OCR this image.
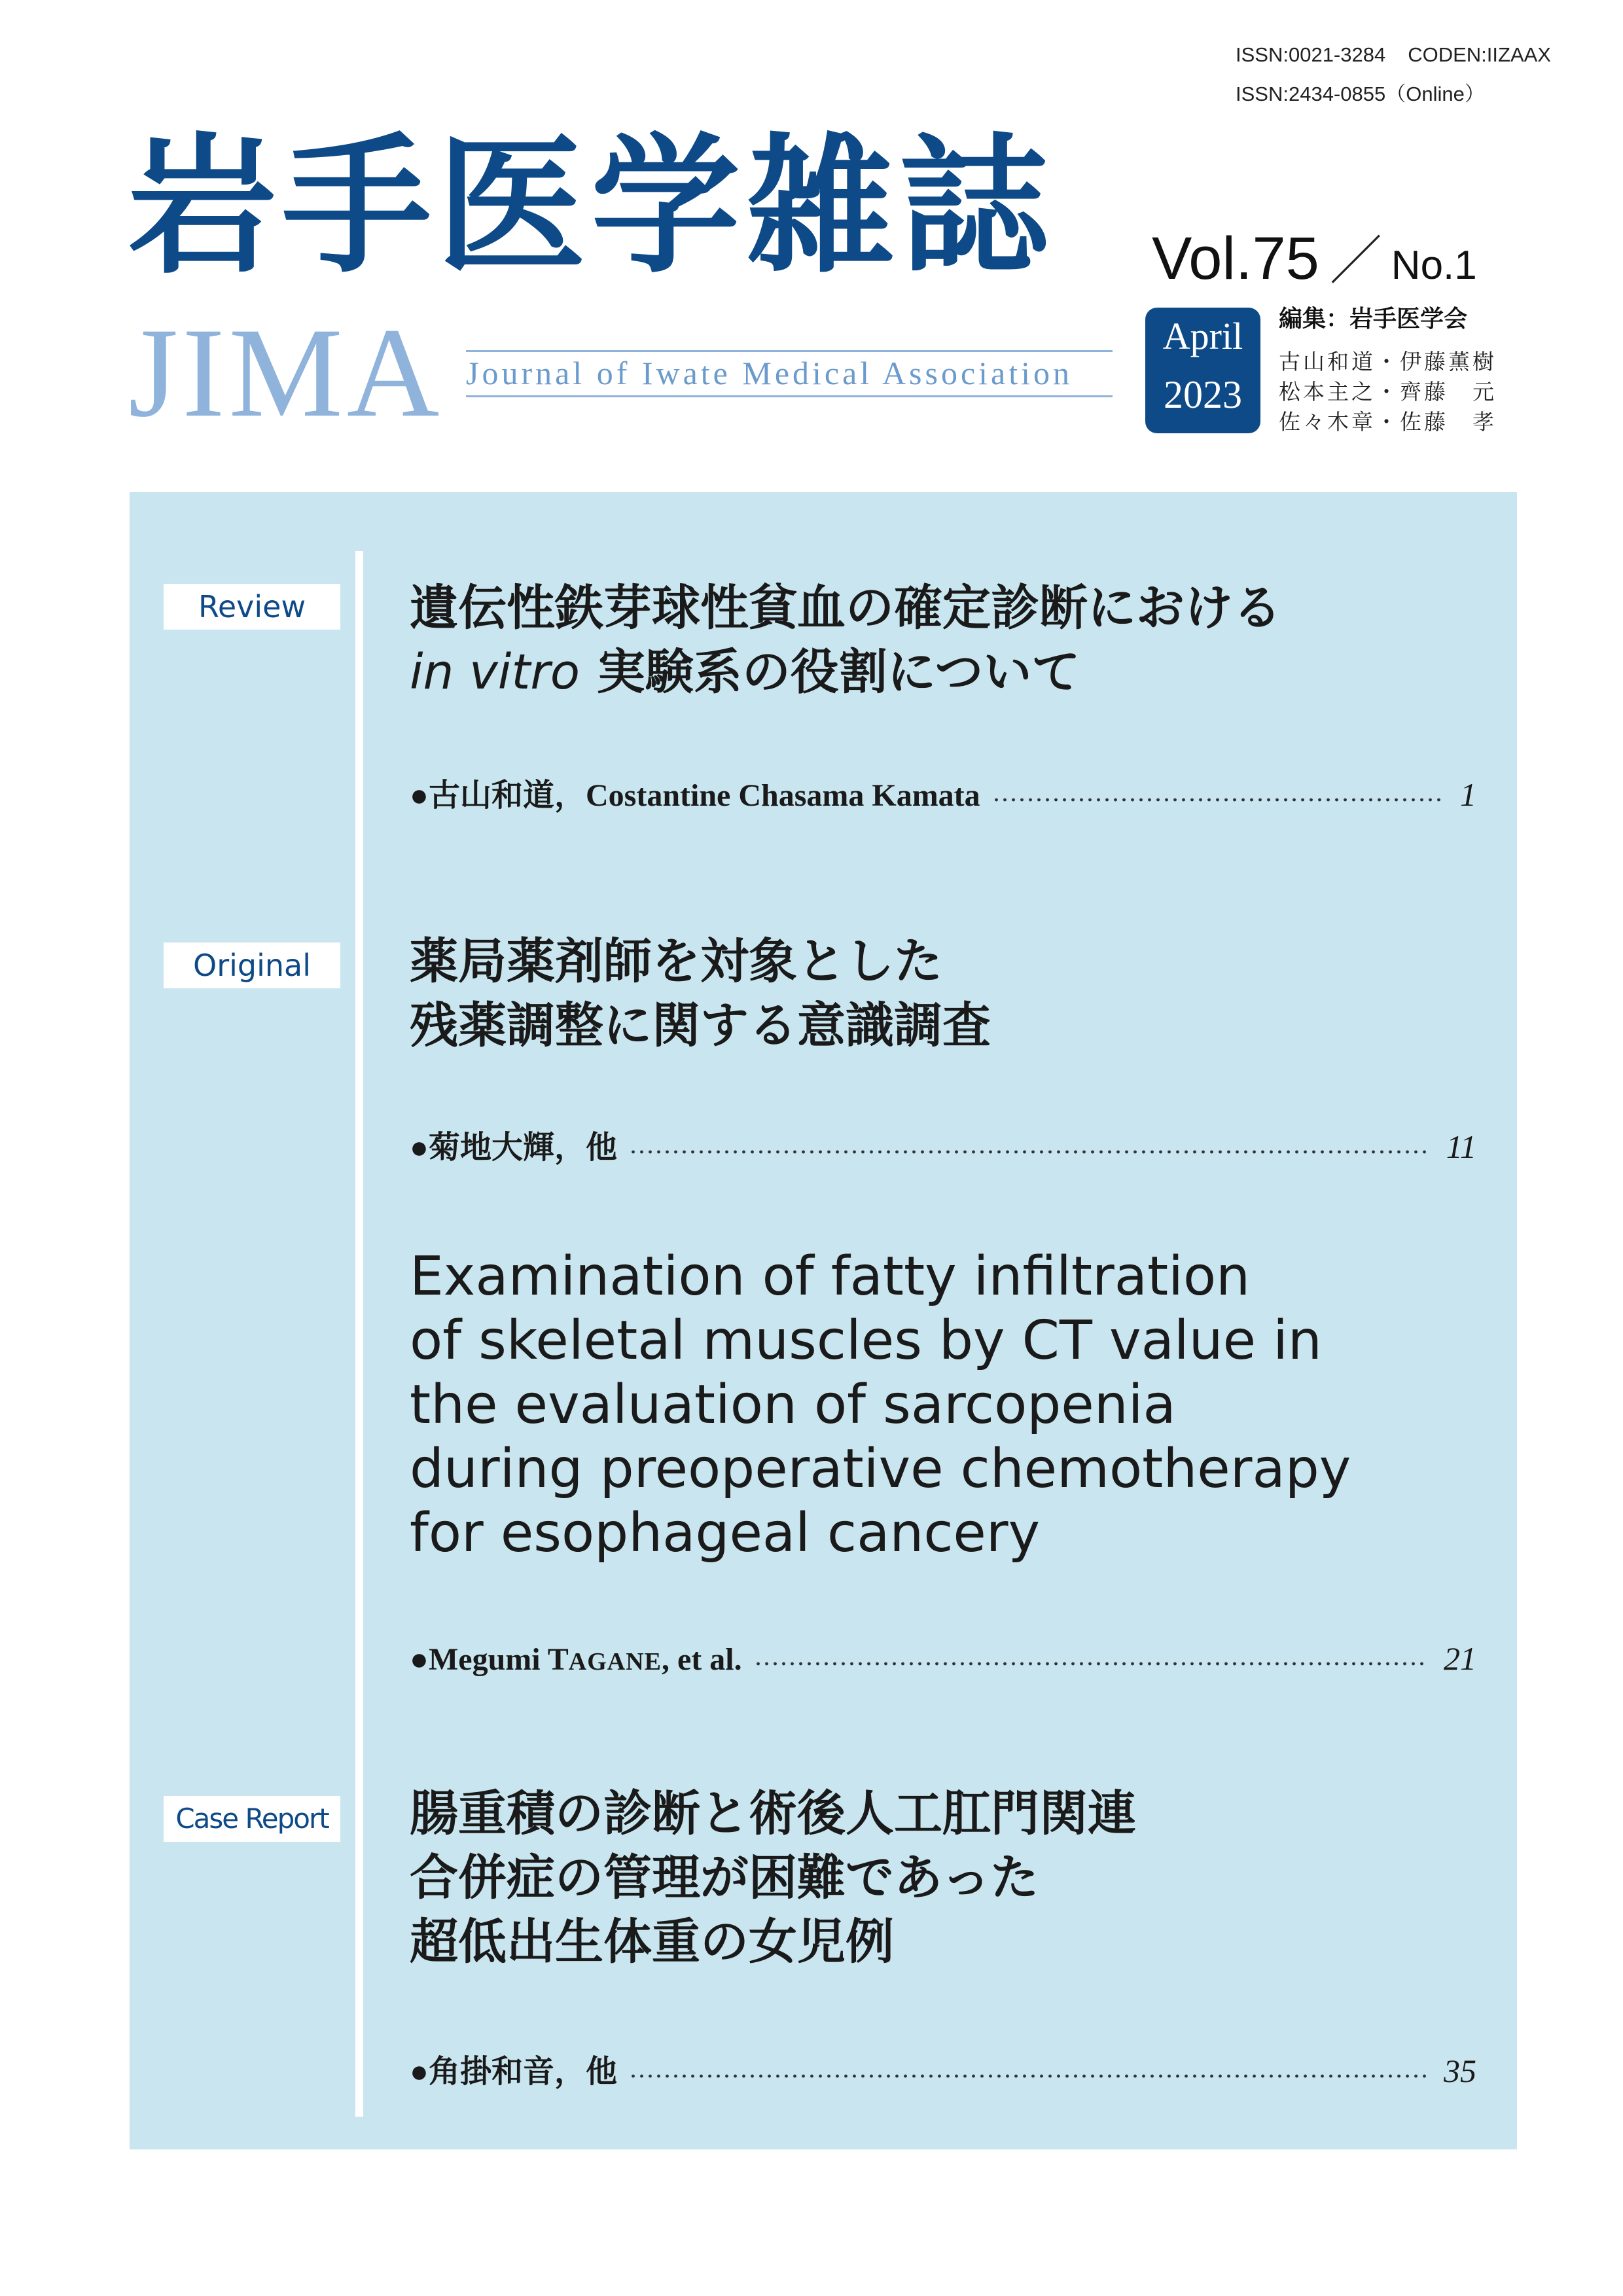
ISSN:0021-3284 CODEN:IIZAAX
ISSN:2434-0855（Online）
岩手医学雑誌	Vol.75 ／ No.1
JIMA Journal of Iwate Medical Association
April
2023
編集：岩手医学会
古山和道・伊藤薫樹
松本主之・齊藤　元
佐々木章・佐藤　孝
Review	遺伝性鉄芽球性貧血の確定診断における
in vitro 実験系の役割について
●古山和道，Costantine Chasama Kamata	1
Original	薬局薬剤師を対象とした
残薬調整に関する意識調査
●菊地大輝，他	11
Examination of fatty infiltration
of skeletal muscles by CT value in
the evaluation of sarcopenia
during preoperative chemotherapy
for esophageal cancery
●Megumi TAGANE, et al.	21
Case Report 腸重積の診断と術後人工肛門関連
合併症の管理が困難であった
超低出生体重の女児例
●角掛和音，他	35
